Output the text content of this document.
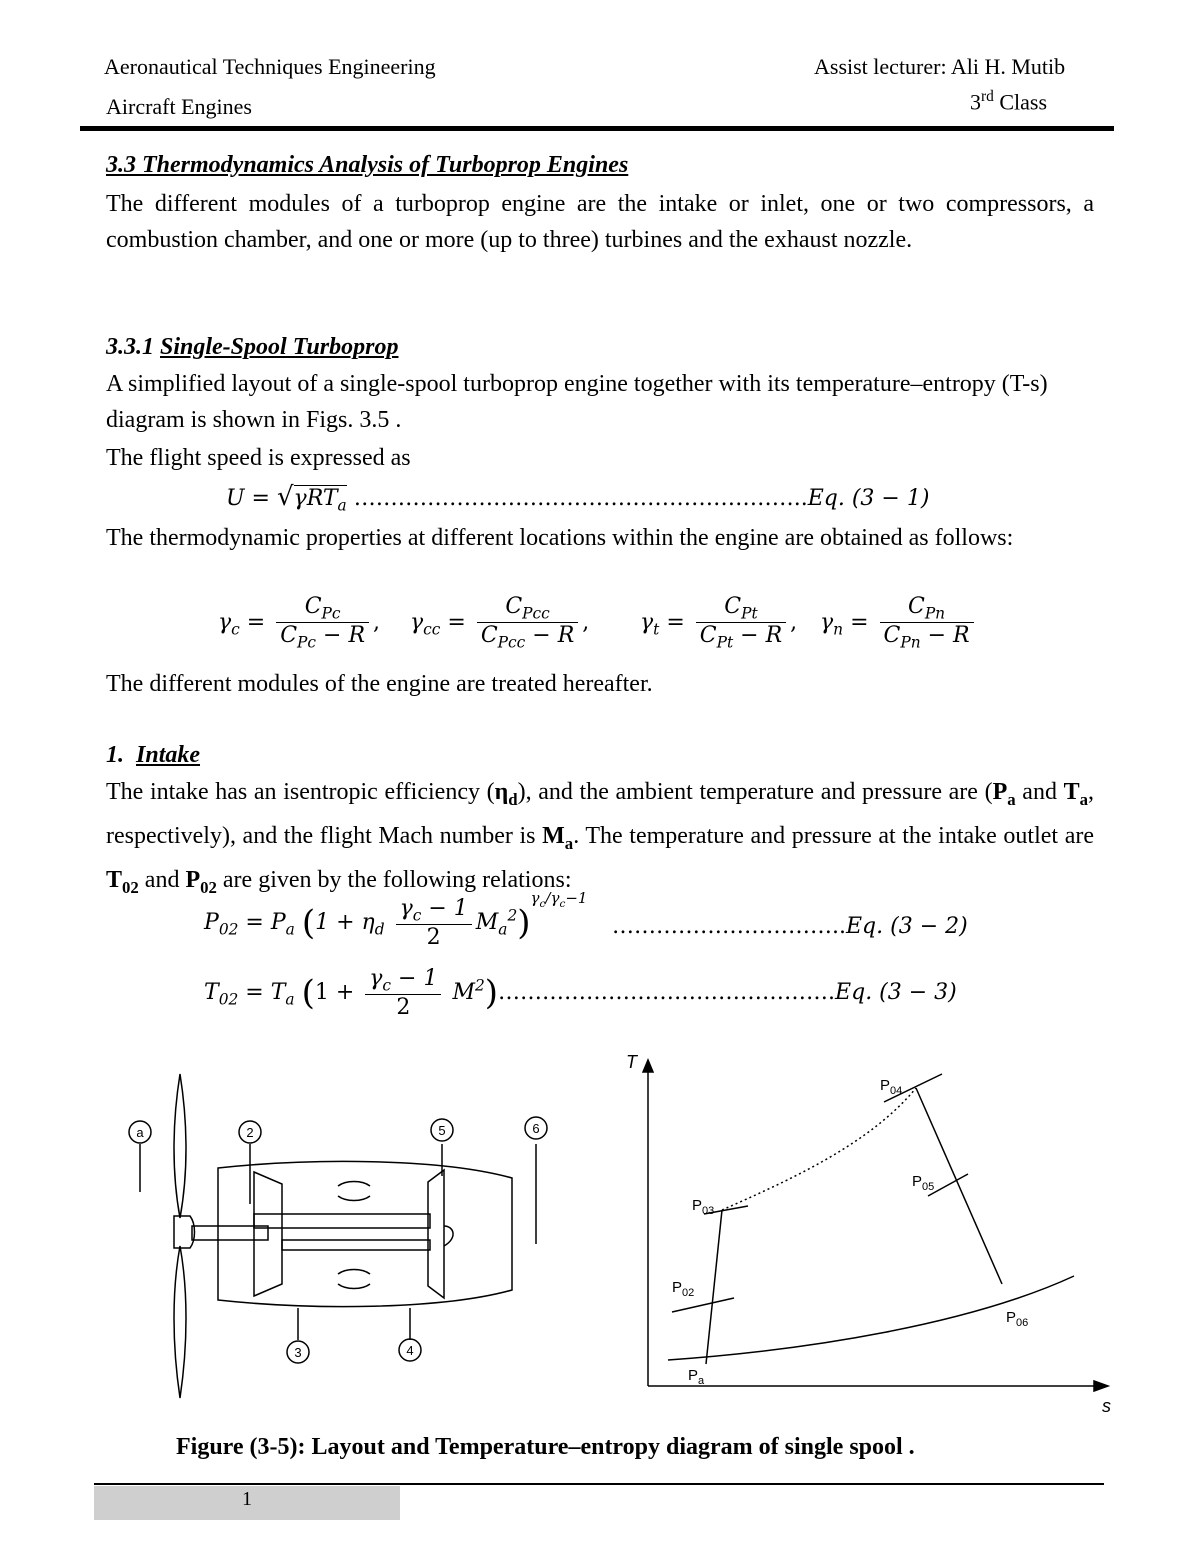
Aeronautical Techniques Engineering
Aircraft Engines
Assist lecturer: Ali H. Mutib
3rd Class
3.3 Thermodynamics Analysis of Turboprop Engines
The different modules of a turboprop engine are the intake or inlet, one or two compressors, a combustion chamber, and one or more (up to three) turbines and the exhaust nozzle.
3.3.1 Single-Spool Turboprop
A simplified layout of a single-spool turboprop engine together with its temperature–entropy (T-s) diagram is shown in Figs. 3.5 .
The flight speed is expressed as
U = √γRT$_a$ ……………………………………………………..Eq. (3 − 1)
The thermodynamic properties at different locations within the engine are obtained as follows:
$\gamma_c = \frac{C_{Pc}}{C_{Pc} - R}$ , $\gamma_{cc} = \frac{C_{Pcc}}{C_{Pcc} - R}$ , $\gamma_t = \frac{C_{Pt}}{C_{Pt} - R}$ , $\gamma_n = \frac{C_{Pn}}{C_{Pn} - R}$
The different modules of the engine are treated hereafter.
1. Intake
The intake has an isentropic efficiency $(\eta_d)$, and the ambient temperature and pressure are ($P_a$ and $T_a$, respectively), and the flight Mach number is $M_a$. The temperature and pressure at the intake outlet are $T_{02}$ and $P_{02}$ are given by the following relations:
$P_{02} = P_a$ $(1 + \eta_d \frac{\gamma_c - 1}{2} M_a^2)^{\gamma_c/\gamma_c-1}$
…………………………..Eq. (3 − 2)
$T_{02} = T_a$ ($1 + \frac{\gamma_c - 1}{2}$ $M^2)\dots\dots\dots\dots\dots\dots\dots\dots\dots\dots\dots\dots\dots\dots\dots.Eq$. (3 − 3)
a	2	5	6
3	4
T
s
$P_{04}$
$P_{05}$
$P_{03}$
$P_{02}$
$P_{06}$
$P_a$
Figure (3-5): Layout and Temperature–entropy diagram of single spool .
1
